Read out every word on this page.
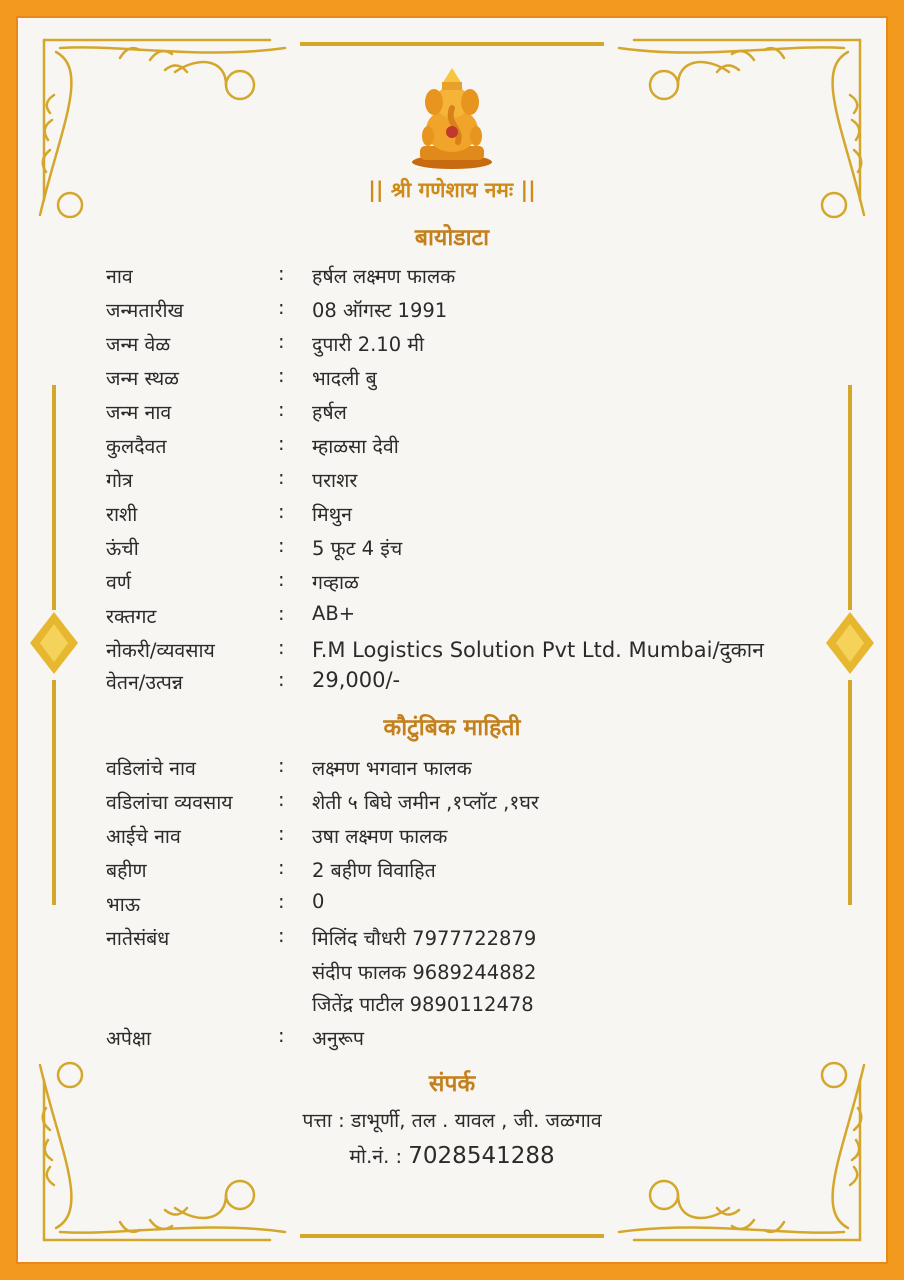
|| श्री गणेशाय नमः ||
बायोडाटा
नाव	: हर्षल लक्ष्मण फालक
जन्मतारीख	: 08 ऑगस्ट 1991
जन्म वेळ	: दुपारी 2.10 मी
जन्म स्थळ	: भादली बु
जन्म नाव	: हर्षल
कुलदैवत	: म्हाळसा देवी
गोत्र	: पराशर
राशी	: मिथुन
ऊंची	: 5 फूट 4 इंच
वर्ण	: गव्हाळ
रक्तगट	: AB+
नोकरी/व्यवसाय	: F.M Logistics Solution Pvt Ltd. Mumbai/दुकान
वेतन/उत्पन्न	: 29,000/-
कौटुंबिक माहिती
वडिलांचे नाव	: लक्ष्मण भगवान फालक
वडिलांचा व्यवसाय : शेती ५ बिघे जमीन ,१प्लॉट ,१घर
आईचे नाव	: उषा लक्ष्मण फालक
बहीण	: 2 बहीण विवाहित
भाऊ	: 0
नातेसंबंध	: मिलिंद चौधरी 7977722879
संदीप फालक 9689244882
जितेंद्र पाटील 9890112478
अपेक्षा	: अनुरूप
संपर्क
पत्ता : डाभूर्णी, तल . यावल , जी. जळगाव
मो.नं. : 7028541288
